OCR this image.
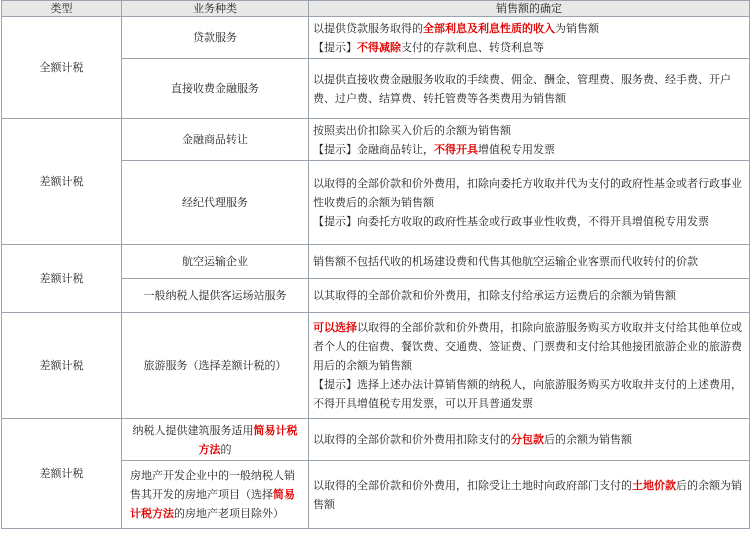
类型	业务种类	销售额的确定
全额计税	贷款服务	以提供贷款服务取得的全部利息及利息性质的收入为销售额
【提示】不得减除支付的存款利息、转贷利息等

	直接收费金融服务	以提供直接收费金融服务收取的手续费、佣金、酬金、管理费、服务费、经手费、开户费、过户费、结算费、转托管费等各类费用为销售额
差额计税	金融商品转让	按照卖出价扣除买入价后的余额为销售额
【提示】金融商品转让，不得开具增值税专用发票

	经纪代理服务	以取得的全部价款和价外费用，扣除向委托方收取并代为支付的政府性基金或者行政事业性收费后的余额为销售额
【提示】向委托方收取的政府性基金或行政事业性收费，不得开具增值税专用发票

差额计税	航空运输企业	销售额不包括代收的机场建设费和代售其他航空运输企业客票而代收转付的价款
	一般纳税人提供客运场站服务	以其取得的全部价款和价外费用，扣除支付给承运方运费后的余额为销售额
差额计税	旅游服务（选择差额计税的）	可以选择以取得的全部价款和价外费用，扣除向旅游服务购买方收取并支付给其他单位或者个人的住宿费、餐饮费、交通费、签证费、门票费和支付给其他接团旅游企业的旅游费用后的余额为销售额
【提示】选择上述办法计算销售额的纳税人，向旅游服务购买方收取并支付的上述费用，不得开具增值税专用发票，可以开具普通发票

差额计税	纳税人提供建筑服务适用简易计税方法的	以取得的全部价款和价外费用扣除支付的分包款后的余额为销售额
	房地产开发企业中的一般纳税人销售其开发的房地产项目（选择简易计税方法的房地产老项目除外）	以取得的全部价款和价外费用，扣除受让土地时向政府部门支付的土地价款后的余额为销售额
